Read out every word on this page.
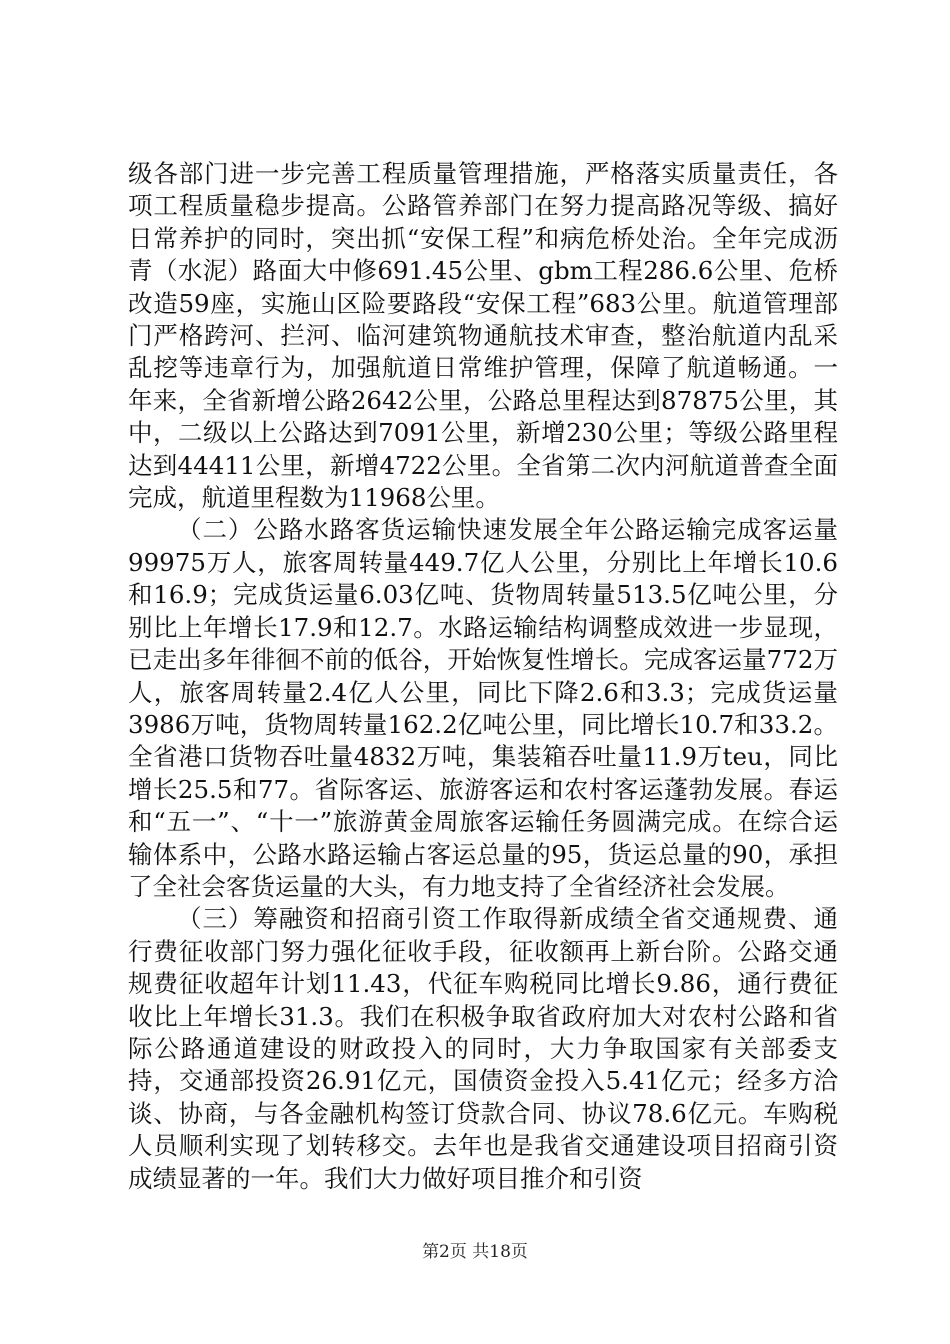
级各部门进一步完善工程质量管理措施，严格落实质量责任，各项工程质量稳步提高。公路管养部门在努力提高路况等级、搞好日常养护的同时，突出抓“安保工程”和病危桥处治。全年完成沥青（水泥）路面大中修691.45公里、gbm工程286.6公里、危桥改造59座，实施山区险要路段“安保工程”683公里。航道管理部门严格跨河、拦河、临河建筑物通航技术审查，整治航道内乱采乱挖等违章行为，加强航道日常维护管理，保障了航道畅通。一年来，全省新增公路2642公里，公路总里程达到87875公里，其中，二级以上公路达到7091公里，新增230公里；等级公路里程达到44411公里，新增4722公里。全省第二次内河航道普查全面完成，航道里程数为11968公里。

（二）公路水路客货运输快速发展全年公路运输完成客运量99975万人，旅客周转量449.7亿人公里，分别比上年增长10.6和16.9；完成货运量6.03亿吨、货物周转量513.5亿吨公里，分别比上年增长17.9和12.7。水路运输结构调整成效进一步显现，已走出多年徘徊不前的低谷，开始恢复性增长。完成客运量772万人，旅客周转量2.4亿人公里，同比下降2.6和3.3；完成货运量3986万吨，货物周转量162.2亿吨公里，同比增长10.7和33.2。全省港口货物吞吐量4832万吨，集装箱吞吐量11.9万teu，同比增长25.5和77。省际客运、旅游客运和农村客运蓬勃发展。春运和“五一”、“十一”旅游黄金周旅客运输任务圆满完成。在综合运输体系中，公路水路运输占客运总量的95，货运总量的90，承担了全社会客货运量的大头，有力地支持了全省经济社会发展。

（三）筹融资和招商引资工作取得新成绩全省交通规费、通行费征收部门努力强化征收手段，征收额再上新台阶。公路交通规费征收超年计划11.43，代征车购税同比增长9.86，通行费征收比上年增长31.3。我们在积极争取省政府加大对农村公路和省际公路通道建设的财政投入的同时，大力争取国家有关部委支持，交通部投资26.91亿元，国债资金投入5.41亿元；经多方洽谈、协商，与各金融机构签订贷款合同、协议78.6亿元。车购税人员顺利实现了划转移交。去年也是我省交通建设项目招商引资成绩显著的一年。我们大力做好项目推介和引资

第2页 共18页
